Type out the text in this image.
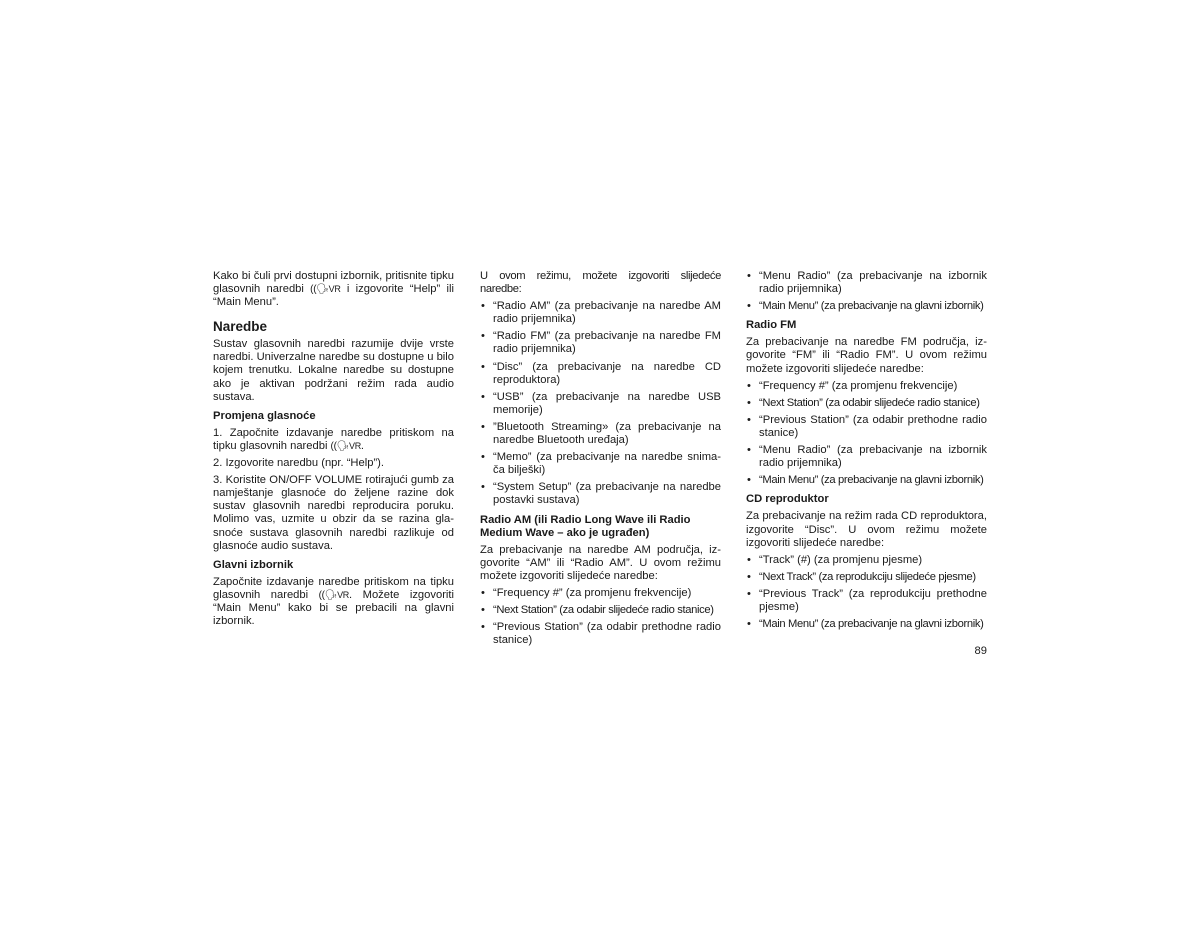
Kako bi čuli prvi dostupni izbornik, pritisnite tipku glasovnih naredbi ((🗣VR i izgovorite “Help” ili “Main Menu”.

Naredbe

Sustav glasovnih naredbi razumije dvije vrste naredbi. Univerzalne naredbe su dostupne u bilo kojem trenutku. Lokalne naredbe su dostupne ako je aktivan podržani režim rada audio sustava.

Promjena glasnoće

1. Započnite izdavanje naredbe pritiskom na tipku glasovnih naredbi ((🗣VR.

2. Izgovorite naredbu (npr. “Help”).

3. Koristite ON/OFF VOLUME rotirajući gumb za namještanje glasnoće do željene razine dok sustav glasovnih naredbi reproducira poruku. Molimo vas, uzmite u obzir da se razina glasnoće sustava glasovnih naredbi razlikuje od glasnoće audio sustava.

Glavni izbornik

Započnite izdavanje naredbe pritiskom na tipku glasovnih naredbi ((🗣VR. Možete izgovoriti “Main Menu” kako bi se prebacili na glavni izbornik.

U ovom režimu, možete izgovoriti slijedeće naredbe:

• “Radio AM” (za prebacivanje na naredbe AM radio prijemnika)
• “Radio FM” (za prebacivanje na naredbe FM radio prijemnika)
• “Disc” (za prebacivanje na naredbe CD reproduktora)
• “USB” (za prebacivanje na naredbe USB memorije)
• ”Bluetooth Streaming» (za prebacivanje na naredbe Bluetooth uređaja)
• “Memo” (za prebacivanje na naredbe snimača bilješki)
• “System Setup” (za prebacivanje na naredbe postavki sustava)
Radio AM (ili Radio Long Wave ili Radio Medium Wave – ako je ugrađen)

Za prebacivanje na naredbe AM područja, izgovorite “AM” ili “Radio AM”. U ovom režimu možete izgovoriti slijedeće naredbe:

• “Frequency #” (za promjenu frekvencije)
• “Next Station” (za odabir slijedeće radio stanice)
• “Previous Station” (za odabir prethodne radio stanice)
• “Menu Radio” (za prebacivanje na izbornik radio prijemnika)
• “Main Menu” (za prebacivanje na glavni izbornik)
Radio FM

Za prebacivanje na naredbe FM područja, izgovorite “FM” ili “Radio FM”. U ovom režimu možete izgovoriti slijedeće naredbe:

• “Frequency #” (za promjenu frekvencije)
• “Next Station” (za odabir slijedeće radio stanice)
• “Previous Station” (za odabir prethodne radio stanice)
• “Menu Radio” (za prebacivanje na izbornik radio prijemnika)
• “Main Menu” (za prebacivanje na glavni izbornik)
CD reproduktor

Za prebacivanje na režim rada CD reproduktora, izgovorite “Disc”. U ovom režimu možete izgovoriti slijedeće naredbe:

• “Track” (#) (za promjenu pjesme)
• “Next Track” (za reprodukciju slijedeće pjesme)
• “Previous Track” (za reprodukciju prethodne pjesme)
• “Main Menu” (za prebacivanje na glavni izbornik)
89
